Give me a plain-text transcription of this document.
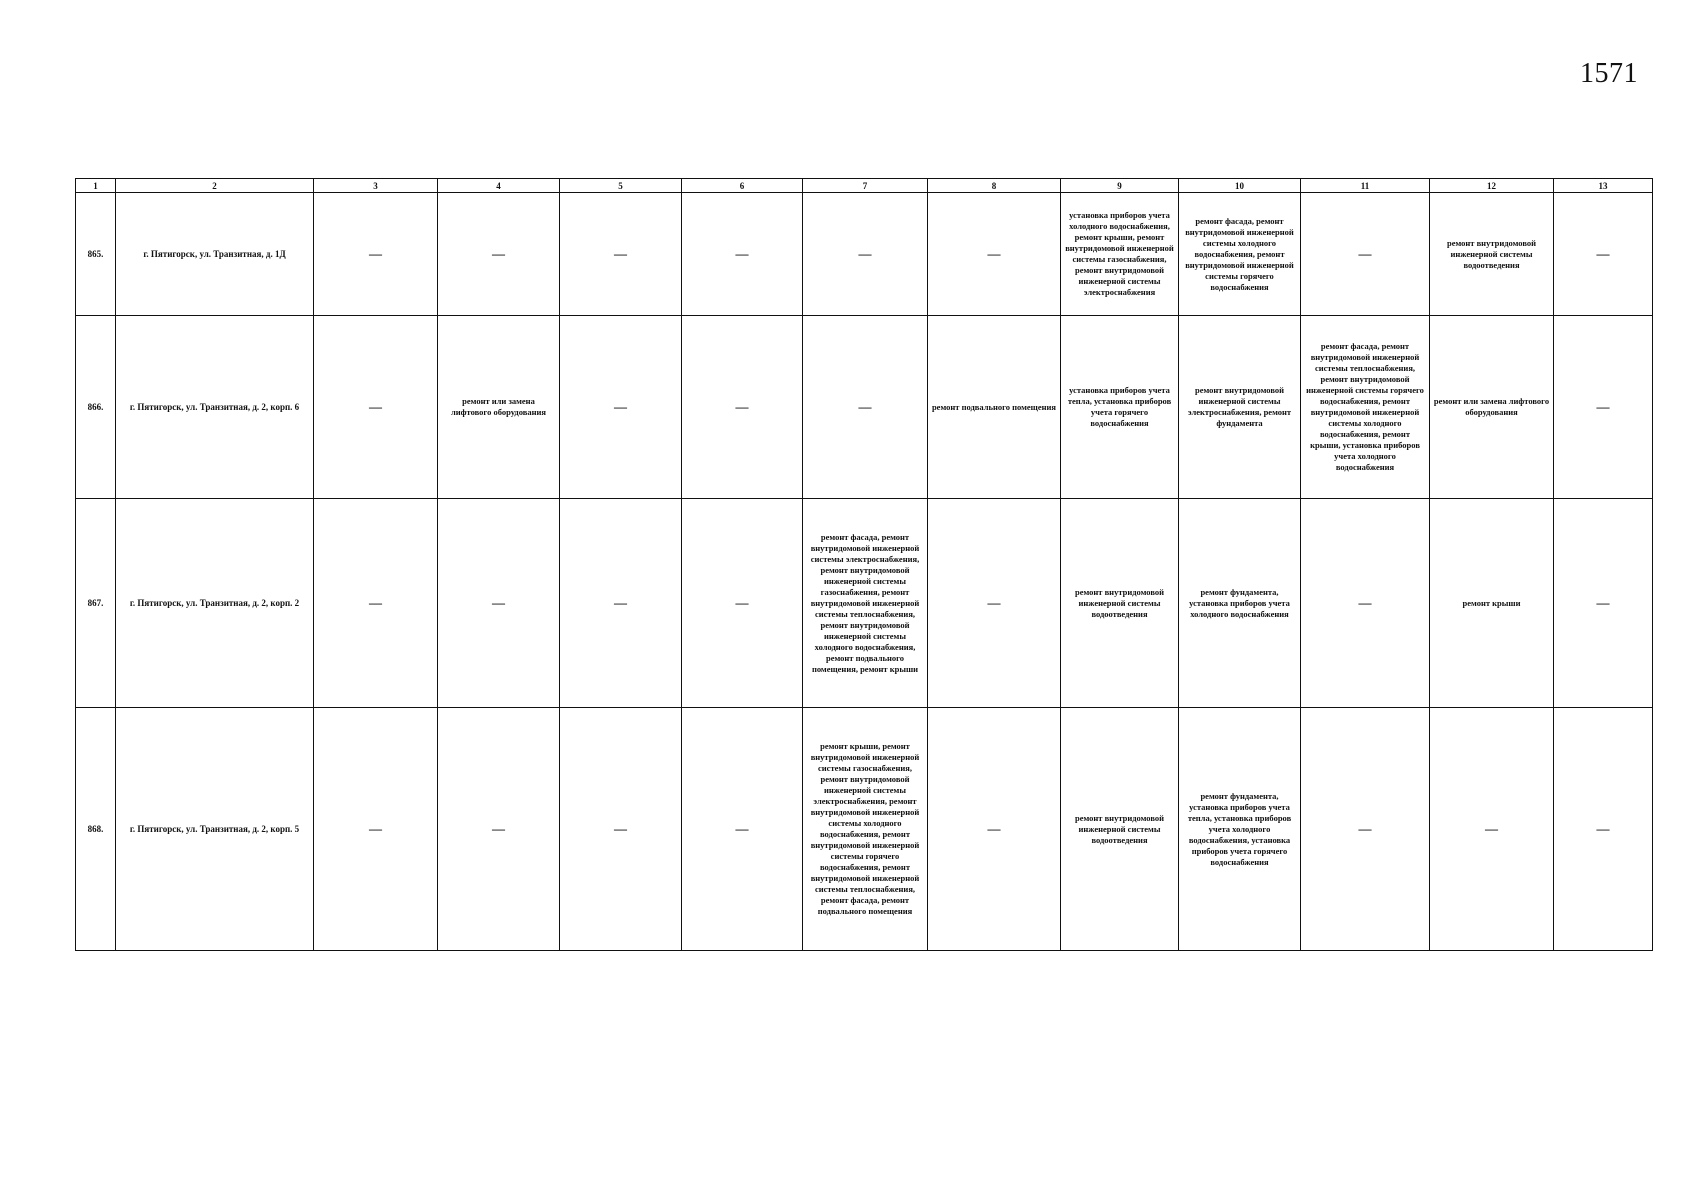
1571
1	2	3	4	5	6	7	8	9	10	11	12	13
865.	г. Пятигорск, ул. Транзитная, д. 1Д	—	—	—	—	—	—	установка приборов учета холодного водоснабжения, ремонт крыши, ремонт внутридомовой инженерной системы газоснабжения, ремонт внутридомовой инженерной системы электроснабжения	ремонт фасада, ремонт внутридомовой инженерной системы холодного водоснабжения, ремонт внутридомовой инженерной системы горячего водоснабжения	—	ремонт внутридомовой инженерной системы водоотведения	—
866.	г. Пятигорск, ул. Транзитная, д. 2, корп. 6	—	ремонт или замена лифтового оборудования	—	—	—	ремонт подвального помещения	установка приборов учета тепла, установка приборов учета горячего водоснабжения	ремонт внутридомовой инженерной системы электроснабжения, ремонт фундамента	ремонт фасада, ремонт внутридомовой инженерной системы теплоснабжения, ремонт внутридомовой инженерной системы горячего водоснабжения, ремонт внутридомовой инженерной системы холодного водоснабжения, ремонт крыши, установка приборов учета холодного водоснабжения	ремонт или замена лифтового оборудования	—
867.	г. Пятигорск, ул. Транзитная, д. 2, корп. 2	—	—	—	—	ремонт фасада, ремонт внутридомовой инженерной системы электроснабжения, ремонт внутридомовой инженерной системы газоснабжения, ремонт внутридомовой инженерной системы теплоснабжения, ремонт внутридомовой инженерной системы холодного водоснабжения, ремонт подвального помещения, ремонт крыши	—	ремонт внутридомовой инженерной системы водоотведения	ремонт фундамента, установка приборов учета холодного водоснабжения	—	ремонт крыши	—
868.	г. Пятигорск, ул. Транзитная, д. 2, корп. 5	—	—	—	—	ремонт крыши, ремонт внутридомовой инженерной системы газоснабжения, ремонт внутридомовой инженерной системы электроснабжения, ремонт внутридомовой инженерной системы холодного водоснабжения, ремонт внутридомовой инженерной системы горячего водоснабжения, ремонт внутридомовой инженерной системы теплоснабжения, ремонт фасада, ремонт подвального помещения	—	ремонт внутридомовой инженерной системы водоотведения	ремонт фундамента, установка приборов учета тепла, установка приборов учета холодного водоснабжения, установка приборов учета горячего водоснабжения	—	—	—
